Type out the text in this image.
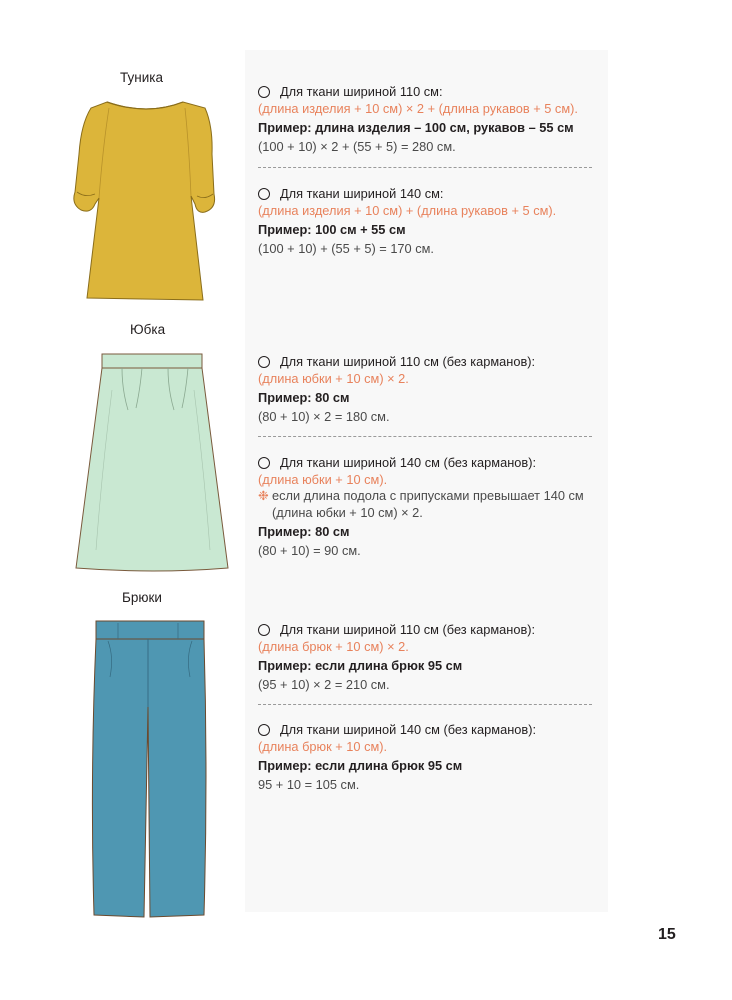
Туника

Для ткани шириной 110 см:

(длина изделия + 10 см) × 2 + (длина рукавов + 5 см).

Пример: длина изделия – 100 см, рукавов – 55 см

(100 + 10) × 2 + (55 + 5) = 280 см.

Для ткани шириной 140 см:

(длина изделия + 10 см) + (длина рукавов + 5 см).

Пример: 100 см + 55 см

(100 + 10) + (55 + 5) = 170 см.

Юбка

Для ткани шириной 110 см (без карманов):

(длина юбки + 10 см) × 2.

Пример: 80 см

(80 + 10) × 2 = 180 см.

Для ткани шириной 140 см (без карманов):

(длина юбки + 10 см).

❉ если длина подола с припусками превышает 140 см
(длина юбки + 10 см) × 2.

Пример: 80 см

(80 + 10) = 90 см.

Брюки

Для ткани шириной 110 см (без карманов):

(длина брюк + 10 см) × 2.

Пример: если длина брюк 95 см

(95 + 10) × 2 = 210 см.

Для ткани шириной 140 см (без карманов):

(длина брюк + 10 см).

Пример: если длина брюк 95 см

95 + 10 = 105 см.

15
